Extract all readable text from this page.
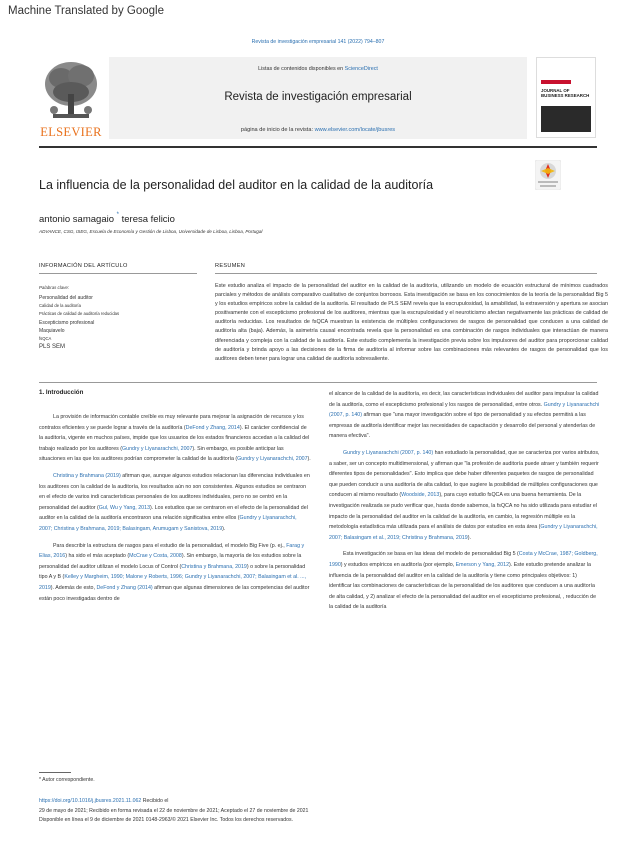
Machine Translated by Google
Revista de investigación empresarial 141 (2022) 794–807
ELSEVIER
Listas de contenidos disponibles en ScienceDirect
Revista de investigación empresarial
página de inicio de la revista: www.elsevier.com/locate/jbusres
JOURNAL OF BUSINESS RESEARCH
La influencia de la personalidad del auditor en la calidad de la auditoría
antonio samagaio * teresa felicio
ADVANCE, CSG, ISEG, Escuela de Economía y Gestión de Lisboa, Universidade de Lisboa, Lisboa, Portugal
INFORMACIÓN DEL ARTÍCULO	RESUMEN
Palabras clave:
Personalidad del auditor
Calidad de la auditoría
Prácticas de calidad de auditoría reducidas
Escepticismo profesional
Maquiavelo
fsQCA
PLS SEM
Este estudio analiza el impacto de la personalidad del auditor en la calidad de la auditoría, utilizando un modelo de ecuación estructural de mínimos cuadrados parciales y métodos de análisis comparativo cualitativo de conjuntos borrosos. Esta investigación se basa en los conocimientos de la teoría de la personalidad Big 5 y los estudios empíricos sobre la calidad de la auditoría. El resultado de PLS SEM revela que la escrupulosidad, la amabilidad, la extraversión y apertura se asocian positivamente con el escepticismo profesional de los auditores, mientras que la escrupulosidad y el neuroticismo afectan negativamente las prácticas de calidad de auditoría reducidas. Los resultados de fsQCA muestran la existencia de múltiples configuraciones de rasgos de personalidad que conducen a una calidad de auditoría alta (baja). Además, la asimetría causal encontrada revela que la personalidad es una combinación de rasgos individuales que interactúan de manera diferenciada y compleja con la calidad de la auditoría. Este estudio complementa la investigación previa sobre los impulsores del auditor para proporcionar calidad de auditoría y brinda apoyo a las decisiones de la firma de auditoría al informar sobre las combinaciones más relevantes de rasgos de personalidad que los auditores deben tener para lograr una calidad de auditoría sobresaliente.
1. Introducción

La provisión de información contable creíble es muy relevante para mejorar la asignación de recursos y los contratos eficientes y se puede lograr a través de la auditoría (DeFond y Zhang, 2014). El carácter confidencial de la auditoría, vigente en muchos países, impide que los usuarios de los estados financieros accedan a la calidad del trabajo realizado por los auditores (Gundry y Liyanarachchi, 2007). Sin embargo, es posible anticipar las situaciones en las que los auditores podrían comprometer la calidad de la auditoría (Gundry y Liyanarachchi, 2007).

Christina y Brahmana (2019) afirman que, aunque algunos estudios relacionan las diferencias individuales en los auditores con la calidad de la auditoría, los resultados aún no son consistentes. Algunos estudios se centraron en el efecto de varios indi características personales de los auditores individuales, pero no se centró en la personalidad del auditor (Gul, Wu y Yang, 2013). Los estudios que se centraron en el efecto de la personalidad del auditor en la calidad de la auditoría encontraron una relación significativa entre ellos (Gundry y Liyanarachchi, 2007; Christina y Brahmana, 2019; Balasingam, Arumugam y Sanistova, 2019).

Para describir la estructura de rasgos para el estudio de la personalidad, el modelo Big Five (p. ej., Farag y Elias, 2016) ha sido el más aceptado (McCrae y Costa, 2008). Sin embargo, la mayoría de los estudios sobre la personalidad del auditor utilizan el modelo Locus of Control (Christina y Brahmana, 2019) o sobre la personalidad tipo A y B (Kelley y Margheim, 1990; Malone y Roberts, 1996; Gundry y Liyanarachchi, 2007; Balasingam et al. ..., 2019). Además de esto, DeFond y Zhang (2014) afirman que algunas dimensiones de las competencias del auditor están poco investigadas dentro de

el alcance de la calidad de la auditoría, es decir, las características individuales del auditor para impulsar la calidad de la auditoría, como el escepticismo profesional y los rasgos de personalidad, entre otros. Gundry y Liyanarachchi (2007, p. 140) afirman que "una mayor investigación sobre el tipo de personalidad y su efectos permitirá a las empresas de auditoría identificar mejor las necesidades de capacitación y desarrollo del personal y atenderlas de manera efectiva".

Gundry y Liyanarachchi (2007, p. 140) han estudiado la personalidad, que se caracteriza por varios atributos, a saber, ser un concepto multidimensional, y afirman que "la profesión de auditoría puede atraer y también requerir diferentes tipos de personalidades". Esto implica que debe haber diferentes paquetes de rasgos de personalidad que pueden conducir a una auditoría de alta calidad, lo que sugiere la posibilidad de múltiples configuraciones que conducen al mismo resultado (Woodside, 2013), para cuyo estudio fsQCA es una buena herramienta. De la investigación realizada se pudo verificar que, hasta donde sabemos, la fsQCA no ha sido utilizada para estudiar el impacto de la personalidad del auditor en la calidad de la auditoría, en cambio, la regresión múltiple es la metodología estadística más utilizada para el análisis de datos por estudios en esta área (Gundry y Liyanarachchi, 2007; Balasingam et al., 2019; Christina y Brahmana, 2019).

Esta investigación se basa en las ideas del modelo de personalidad Big 5 (Costa y McCrae, 1987; Goldberg, 1990) y estudios empíricos en auditoría (por ejemplo, Emerson y Yang, 2012). Este estudio pretende analizar la influencia de la personalidad del auditor en la calidad de la auditoría y tiene como principales objetivos: 1) identificar las combinaciones de características de la personalidad de los auditores que conducen a una auditoría de alta calidad, y 2) analizar el efecto de la personalidad del auditor en el escepticismo profesional, , reducción de la calidad de la auditoría

* Autor correspondiente.
https://doi.org/10.1016/j.jbusres.2021.11.062 Recibido el
29 de mayo de 2021; Recibido en forma revisada el 22 de noviembre de 2021; Aceptado el 27 de noviembre de 2021
Disponible en línea el 9 de diciembre de 2021 0148-2963/© 2021 Elsevier Inc. Todos los derechos reservados.
